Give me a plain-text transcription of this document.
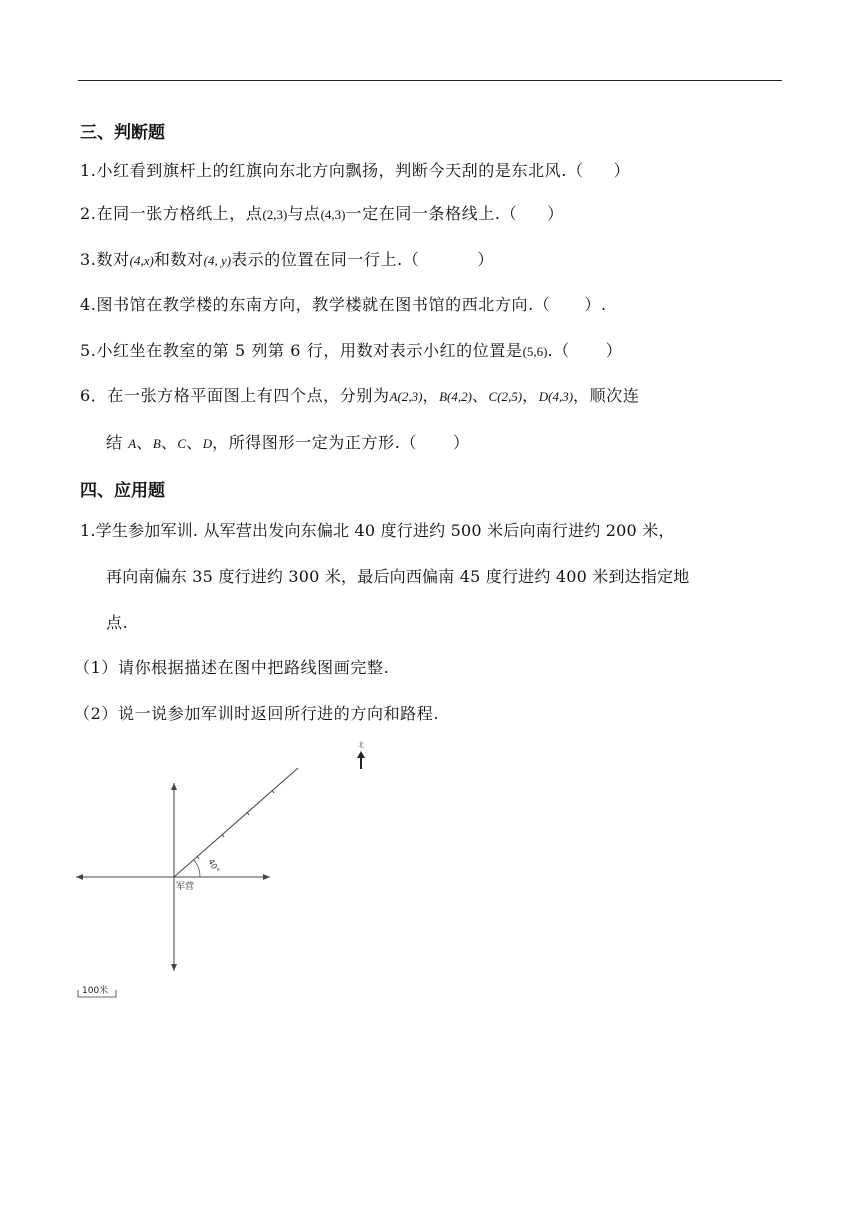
三、判断题
1.小红看到旗杆上的红旗向东北方向飘扬，判断今天刮的是东北风.（ ）
2.在同一张方格纸上，点(2,3)与点(4,3)一定在同一条格线上.（ ）
3.数对(4,x)和数对(4, y)表示的位置在同一行上.（	）
4.图书馆在教学楼的东南方向，教学楼就在图书馆的西北方向.（ ）.
5.小红坐在教室的第 5 列第 6 行，用数对表示小红的位置是(5,6).（ ）
6．在一张方格平面图上有四个点，分别为A(2,3)，B(4,2)、C(2,5)，D(4,3)，顺次连
结 A、B、C、D，所得图形一定为正方形.（ ）
四、应用题
1.学生参加军训. 从军营出发向东偏北 40 度行进约 500 米后向南行进约 200 米，
再向南偏东 35 度行进约 300 米，最后向西偏南 45 度行进约 400 米到达指定地
点.
（1）请你根据描述在图中把路线图画完整.
（2）说一说参加军训时返回所行进的方向和路程.
40°
军营
北
100米
